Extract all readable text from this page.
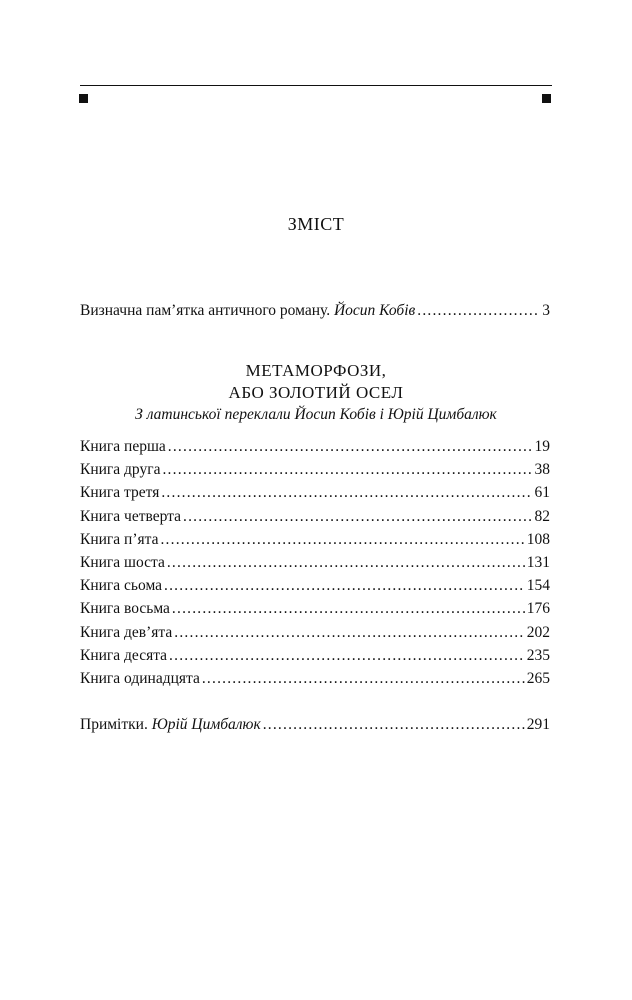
ЗМІСТ
Визначна пам’ятка античного роману. Йосип Кобів .....	3
МЕТАМОРФОЗИ,
АБО ЗОЛОТИЙ ОСЕЛ
З латинської переклали Йосип Кобів і Юрій Цимбалюк
Книга перша .....	19
Книга друга .....	38
Книга третя .....	61
Книга четверта .....	82
Книга п’ята .....	108
Книга шоста .....	131
Книга сьома .....	154
Книга восьма .....	176
Книга дев’ята .....	202
Книга десята .....	235
Книга одинадцята .....	265
Примітки. Юрій Цимбалюк .....	291
